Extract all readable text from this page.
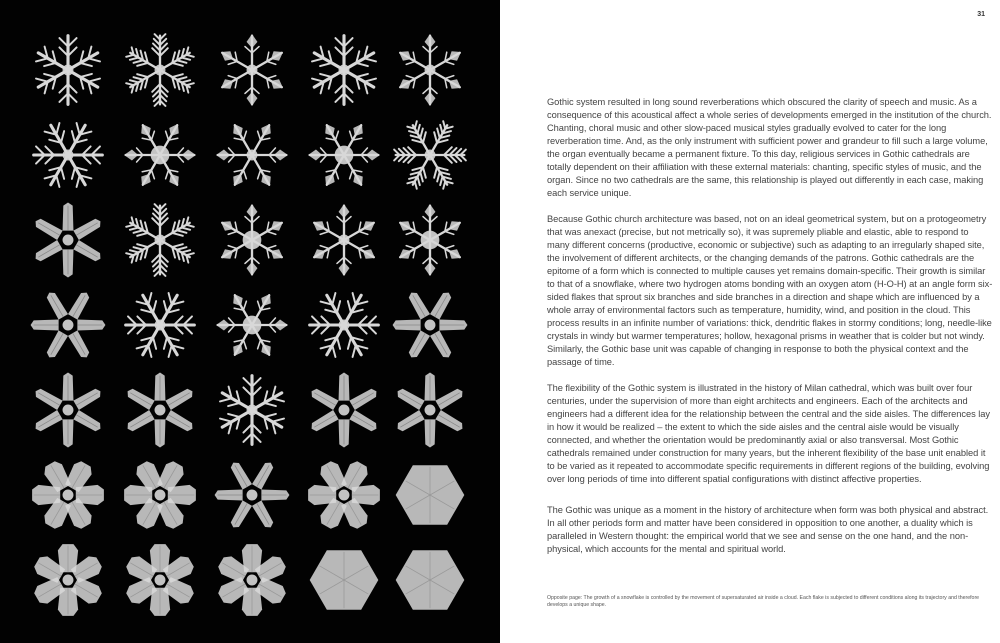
31

Gothic system resulted in long sound reverberations which obscured the clarity of speech and music. As a consequence of this acoustical affect a whole series of developments emerged in the institution of the church. Chanting, choral music and other slow-paced musical styles gradually evolved to cater for the long reverberation time. And, as the only instrument with sufficient power and grandeur to fill such a large volume, the organ eventually became a permanent fixture. To this day, religious services in Gothic cathedrals are totally dependent on their affiliation with these external materials: chanting, specific styles of music, and the organ. Since no two cathedrals are the same, this relationship is played out differently in each case, making each service unique.

Because Gothic church architecture was based, not on an ideal geometrical system, but on a protogeometry that was anexact (precise, but not metrically so), it was supremely pliable and elastic, able to respond to many different concerns (productive, economic or subjective) such as adapting to an irregularly shaped site, the involvement of different architects, or the changing demands of the patrons. Gothic cathedrals are the epitome of a form which is connected to multiple causes yet remains domain-specific. Their growth is similar to that of a snowflake, where two hydrogen atoms bonding with an oxygen atom (H-O-H) at an angle form six-sided flakes that sprout six branches and side branches in a direction and shape which are influenced by a whole array of environmental factors such as temperature, humidity, wind, and position in the cloud. This process results in an infinite number of variations: thick, dendritic flakes in stormy conditions; long, needle-like crystals in windy but warmer temperatures; hollow, hexagonal prisms in weather that is colder but not windy. Similarly, the Gothic base unit was capable of changing in response to both the physical context and the passage of time.

The flexibility of the Gothic system is illustrated in the history of Milan cathedral, which was built over four centuries, under the supervision of more than eight architects and engineers. Each of the architects and engineers had a different idea for the relationship between the central and the side aisles. The differences lay in how it would be realized – the extent to which the side aisles and the central aisle would be visually connected, and whether the orientation would be predominantly axial or also transversal. Most Gothic cathedrals remained under construction for many years, but the inherent flexibility of the base unit enabled it to be varied as it repeated to accommodate specific requirements in different regions of the building, evolving over long periods of time into different spatial configurations with distinct affective properties.

The Gothic was unique as a moment in the history of architecture when form was both physical and abstract. In all other periods form and matter have been considered in opposition to one another, a duality which is paralleled in Western thought: the empirical world that we see and sense on the one hand, and the non-physical, which accounts for the mental and spiritual world.

Opposite page: The growth of a snowflake is controlled by the movement of supersaturated air inside a cloud. Each flake is subjected to different conditions along its trajectory and therefore develops a unique shape.
